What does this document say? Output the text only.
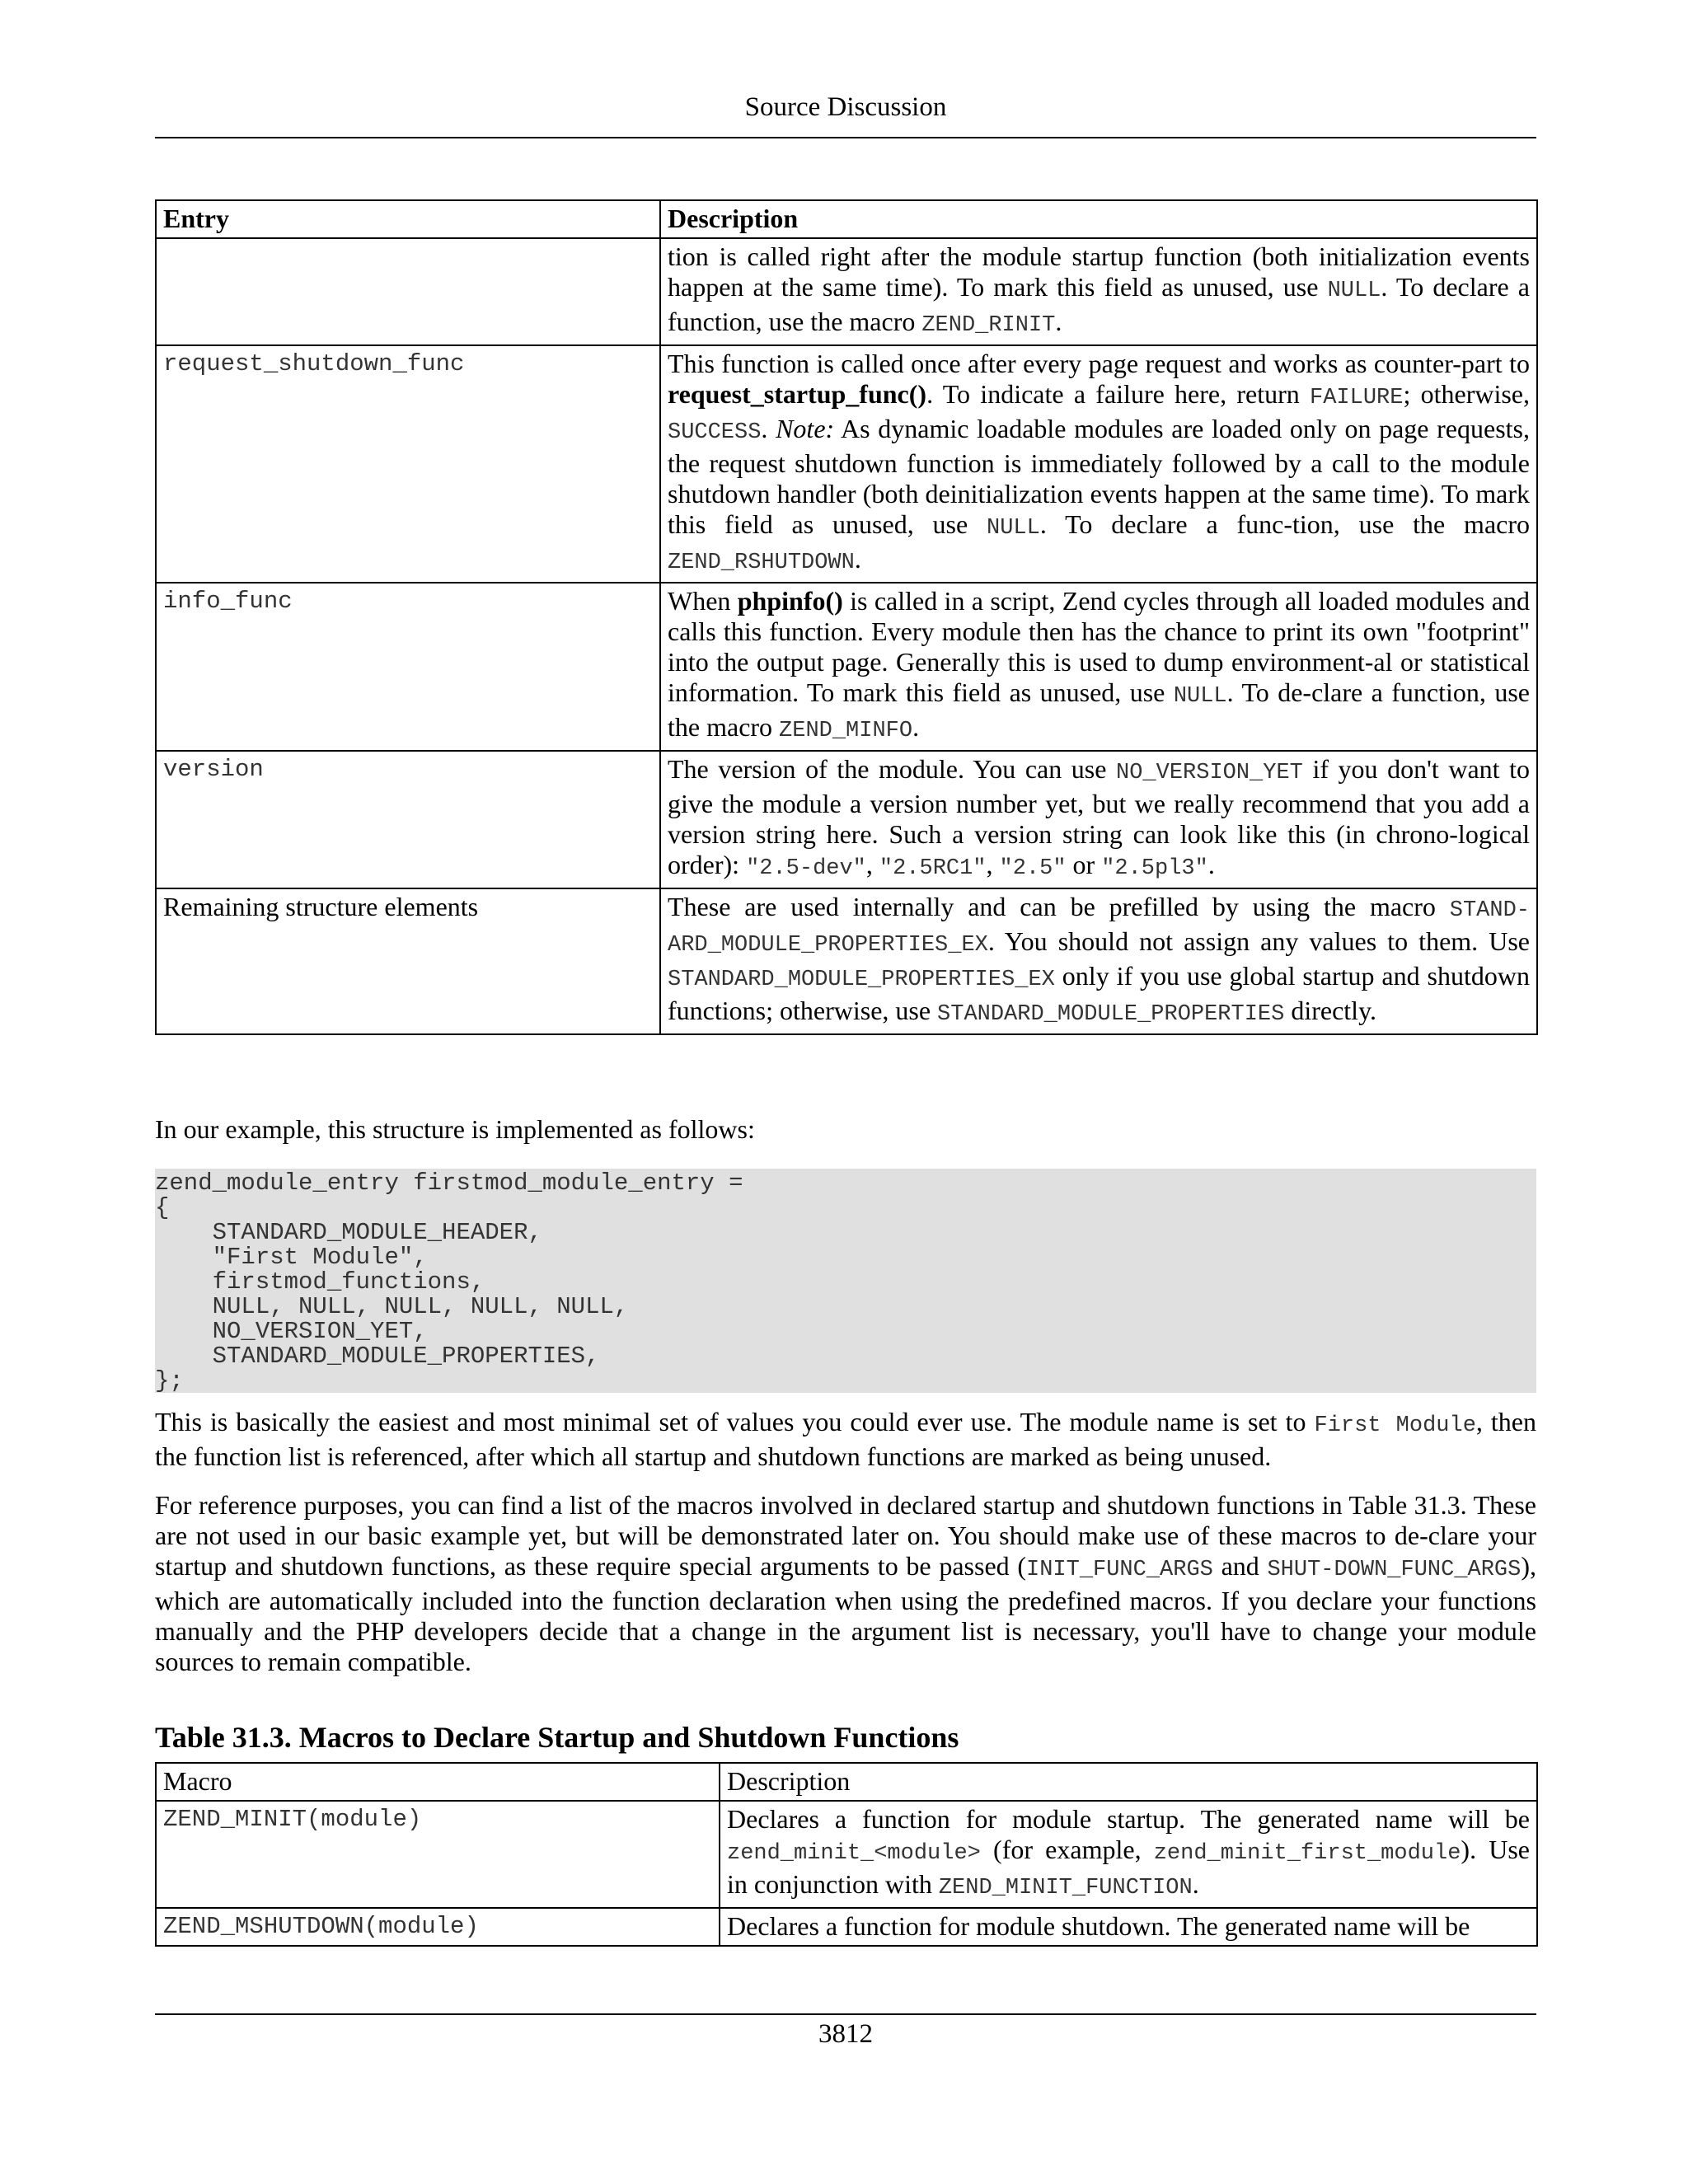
Source Discussion
Entry	Description
	tion is called right after the module startup function (both initialization events happen at the same time). To mark this field as unused, use NULL. To declare a function, use the macro ZEND_RINIT.
request_shutdown_func	This function is called once after every page request and works as counter-part to request_startup_func(). To indicate a failure here, return FAILURE; otherwise, SUCCESS. Note: As dynamic loadable modules are loaded only on page requests, the request shutdown function is immediately followed by a call to the module shutdown handler (both deinitialization events happen at the same time). To mark this field as unused, use NULL. To declare a func-tion, use the macro ZEND_RSHUTDOWN.
info_func	When phpinfo() is called in a script, Zend cycles through all loaded modules and calls this function. Every module then has the chance to print its own "footprint" into the output page. Generally this is used to dump environment-al or statistical information. To mark this field as unused, use NULL. To de-clare a function, use the macro ZEND_MINFO.
version	The version of the module. You can use NO_VERSION_YET if you don't want to give the module a version number yet, but we really recommend that you add a version string here. Such a version string can look like this (in chrono-logical order): "2.5-dev", "2.5RC1", "2.5" or "2.5pl3".
Remaining structure elements	These are used internally and can be prefilled by using the macro STAND-ARD_MODULE_PROPERTIES_EX. You should not assign any values to them. Use STANDARD_MODULE_PROPERTIES_EX only if you use global startup and shutdown functions; otherwise, use STANDARD_MODULE_PROPERTIES directly.

In our example, this structure is implemented as follows:

zend_module_entry firstmod_module_entry =
{
STANDARD_MODULE_HEADER,
"First Module",
firstmod_functions,
NULL, NULL, NULL, NULL, NULL,
NO_VERSION_YET,
STANDARD_MODULE_PROPERTIES,
};

This is basically the easiest and most minimal set of values you could ever use. The module name is set to First Module, then the function list is referenced, after which all startup and shutdown functions are marked as being unused.

For reference purposes, you can find a list of the macros involved in declared startup and shutdown functions in Table 31.3. These are not used in our basic example yet, but will be demonstrated later on. You should make use of these macros to de-clare your startup and shutdown functions, as these require special arguments to be passed (INIT_FUNC_ARGS and SHUT-DOWN_FUNC_ARGS), which are automatically included into the function declaration when using the predefined macros. If you declare your functions manually and the PHP developers decide that a change in the argument list is necessary, you'll have to change your module sources to remain compatible.

Table 31.3. Macros to Declare Startup and Shutdown Functions
Macro	Description
ZEND_MINIT(module)	Declares a function for module startup. The generated name will be zend_minit_<module> (for example, zend_minit_first_module). Use in conjunction with ZEND_MINIT_FUNCTION.
ZEND_MSHUTDOWN(module)	Declares a function for module shutdown. The generated name will be
3812
